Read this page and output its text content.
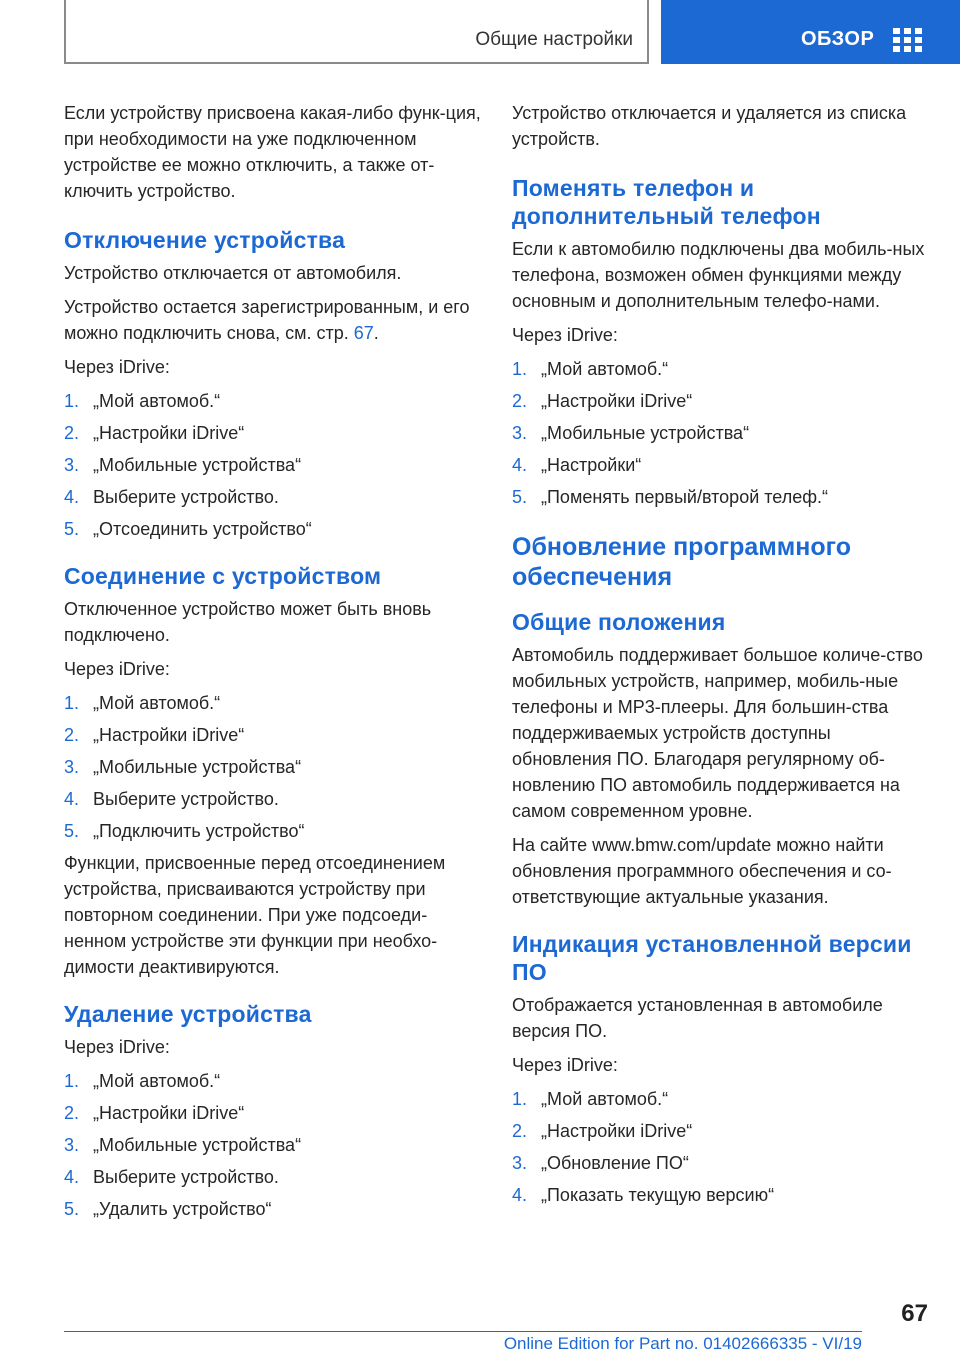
Общие настройки	ОБЗОР

Если устройству присвоена какая-либо функ-ция, при необходимости на уже подключенном устройстве ее можно отключить, а также от-ключить устройство.

Отключение устройства

Устройство отключается от автомобиля.

Устройство остается зарегистрированным, и его можно подключить снова, см. стр. 67.

Через iDrive:

1. „Мой автомоб.“
2. „Настройки iDrive“
3. „Мобильные устройства“
4. Выберите устройство.
5. „Отсоединить устройство“
Соединение с устройством

Отключенное устройство может быть вновь подключено.

Через iDrive:

1. „Мой автомоб.“
2. „Настройки iDrive“
3. „Мобильные устройства“
4. Выберите устройство.
5. „Подключить устройство“

Функции, присвоенные перед отсоединением устройства, присваиваются устройству при повторном соединении. При уже подсоеди-ненном устройстве эти функции при необхо-димости деактивируются.

Удаление устройства

Через iDrive:

1. „Мой автомоб.“
2. „Настройки iDrive“
3. „Мобильные устройства“
4. Выберите устройство.
5. „Удалить устройство“

Устройство отключается и удаляется из списка устройств.

Поменять телефон и дополнительный телефон

Если к автомобилю подключены два мобиль-ных телефона, возможен обмен функциями между основным и дополнительным телефо-нами.

Через iDrive:

1. „Мой автомоб.“
2. „Настройки iDrive“
3. „Мобильные устройства“
4. „Настройки“
5. „Поменять первый/второй телеф.“
Обновление программного обеспечения
Общие положения

Автомобиль поддерживает большое количе-ство мобильных устройств, например, мобиль-ные телефоны и MP3-плееры. Для большин-ства поддерживаемых устройств доступны обновления ПО. Благодаря регулярному об-новлению ПО автомобиль поддерживается на самом современном уровне.

На сайте www.bmw.com/update можно найти обновления программного обеспечения и со-ответствующие актуальные указания.

Индикация установленной версии ПО

Отображается установленная в автомобиле версия ПО.

Через iDrive:

1. „Мой автомоб.“
2. „Настройки iDrive“
3. „Обновление ПО“
4. „Показать текущую версию“
67
Online Edition for Part no. 01402666335 - VI/19
